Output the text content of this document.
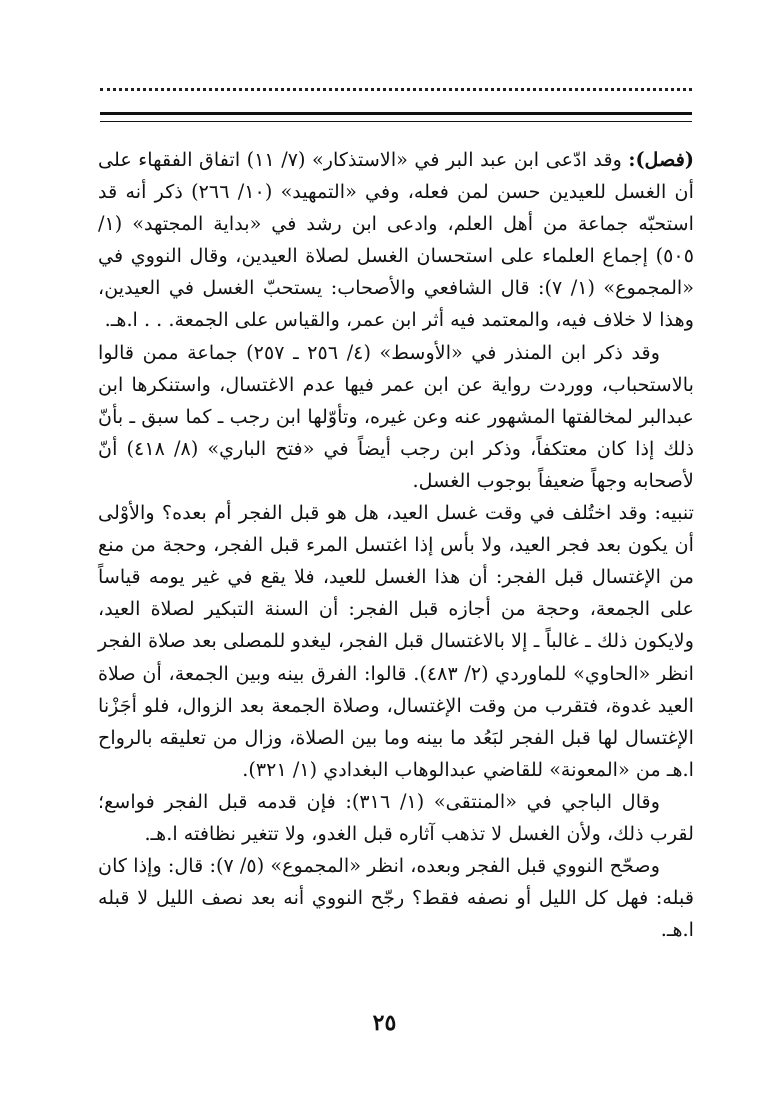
(فصل): وقد ادّعى ابن عبد البر في «الاستذكار» (٧/ ١١) اتفاق الفقهاء على أن الغسل للعيدين حسن لمن فعله، وفي «التمهيد» (١٠/ ٢٦٦) ذكر أنه قد استحبّه جماعة من أهل العلم، وادعى ابن رشد في «بداية المجتهد» (١/ ٥٠٥) إجماع العلماء على استحسان الغسل لصلاة العيدين، وقال النووي في «المجموع» (١/ ٧): قال الشافعي والأصحاب: يستحبّ الغسل في العيدين، وهذا لا خلاف فيه، والمعتمد فيه أثر ابن عمر، والقياس على الجمعة. . . ا.هـ.

وقد ذكر ابن المنذر في «الأوسط» (٤/ ٢٥٦ ـ ٢٥٧) جماعة ممن قالوا بالاستحباب، ووردت رواية عن ابن عمر فيها عدم الاغتسال، واستنكرها ابن عبدالبر لمخالفتها المشهور عنه وعن غيره، وتأوّلها ابن رجب ـ كما سبق ـ بأنّ ذلك إذا كان معتكفاً، وذكر ابن رجب أيضاً في «فتح الباري» (٨/ ٤١٨) أنّ لأصحابه وجهاً ضعيفاً بوجوب الغسل.

تنبيه: وقد اختُلف في وقت غسل العيد، هل هو قبل الفجر أم بعده؟ والأوْلى أن يكون بعد فجر العيد، ولا بأس إذا اغتسل المرء قبل الفجر، وحجة من منع من الإغتسال قبل الفجر: أن هذا الغسل للعيد، فلا يقع في غير يومه قياساً على الجمعة، وحجة من أجازه قبل الفجر: أن السنة التبكير لصلاة العيد، ولايكون ذلك ـ غالباً ـ إلا بالاغتسال قبل الفجر، ليغدو للمصلى بعد صلاة الفجر انظر «الحاوي» للماوردي (٢/ ٤٨٣). قالوا: الفرق بينه وبين الجمعة، أن صلاة العيد غدوة، فتقرب من وقت الإغتسال، وصلاة الجمعة بعد الزوال، فلو أجَزْنا الإغتسال لها قبل الفجر لبَعُد ما بينه وما بين الصلاة، وزال من تعليقه بالرواح ا.هـ من «المعونة» للقاضي عبدالوهاب البغدادي (١/ ٣٢١).

وقال الباجي في «المنتقى» (١/ ٣١٦): فإن قدمه قبل الفجر فواسع؛ لقرب ذلك، ولأن الغسل لا تذهب آثاره قبل الغدو، ولا تتغير نظافته ا.هـ.

وصحّح النووي قبل الفجر وبعده، انظر «المجموع» (٥/ ٧): قال: وإذا كان قبله: فهل كل الليل أو نصفه فقط؟ رجّح النووي أنه بعد نصف الليل لا قبله ا.هـ.

٢٥
